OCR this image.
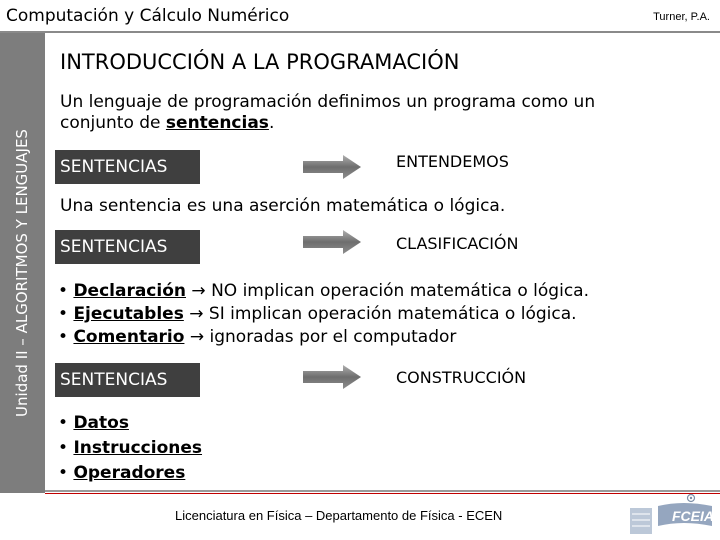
Computación y Cálculo Numérico	Turner, P.A.
Unidad II – ALGORITMOS Y LENGUAJES
INTRODUCCIÓN A LA PROGRAMACIÓN
Un lenguaje de programación definimos un programa como un conjunto de sentencias.
SENTENCIAS	ENTENDEMOS
Una sentencia es una aserción matemática o lógica.
SENTENCIAS	CLASIFICACIÓN
• Declaración → NO implican operación matemática o lógica.
• Ejecutables → SI implican operación matemática o lógica.
• Comentario → ignoradas por el computador
SENTENCIAS	CONSTRUCCIÓN
• Datos
• Instrucciones
• Operadores
Licenciatura en Física – Departamento de Física - ECEN	FCEIA
